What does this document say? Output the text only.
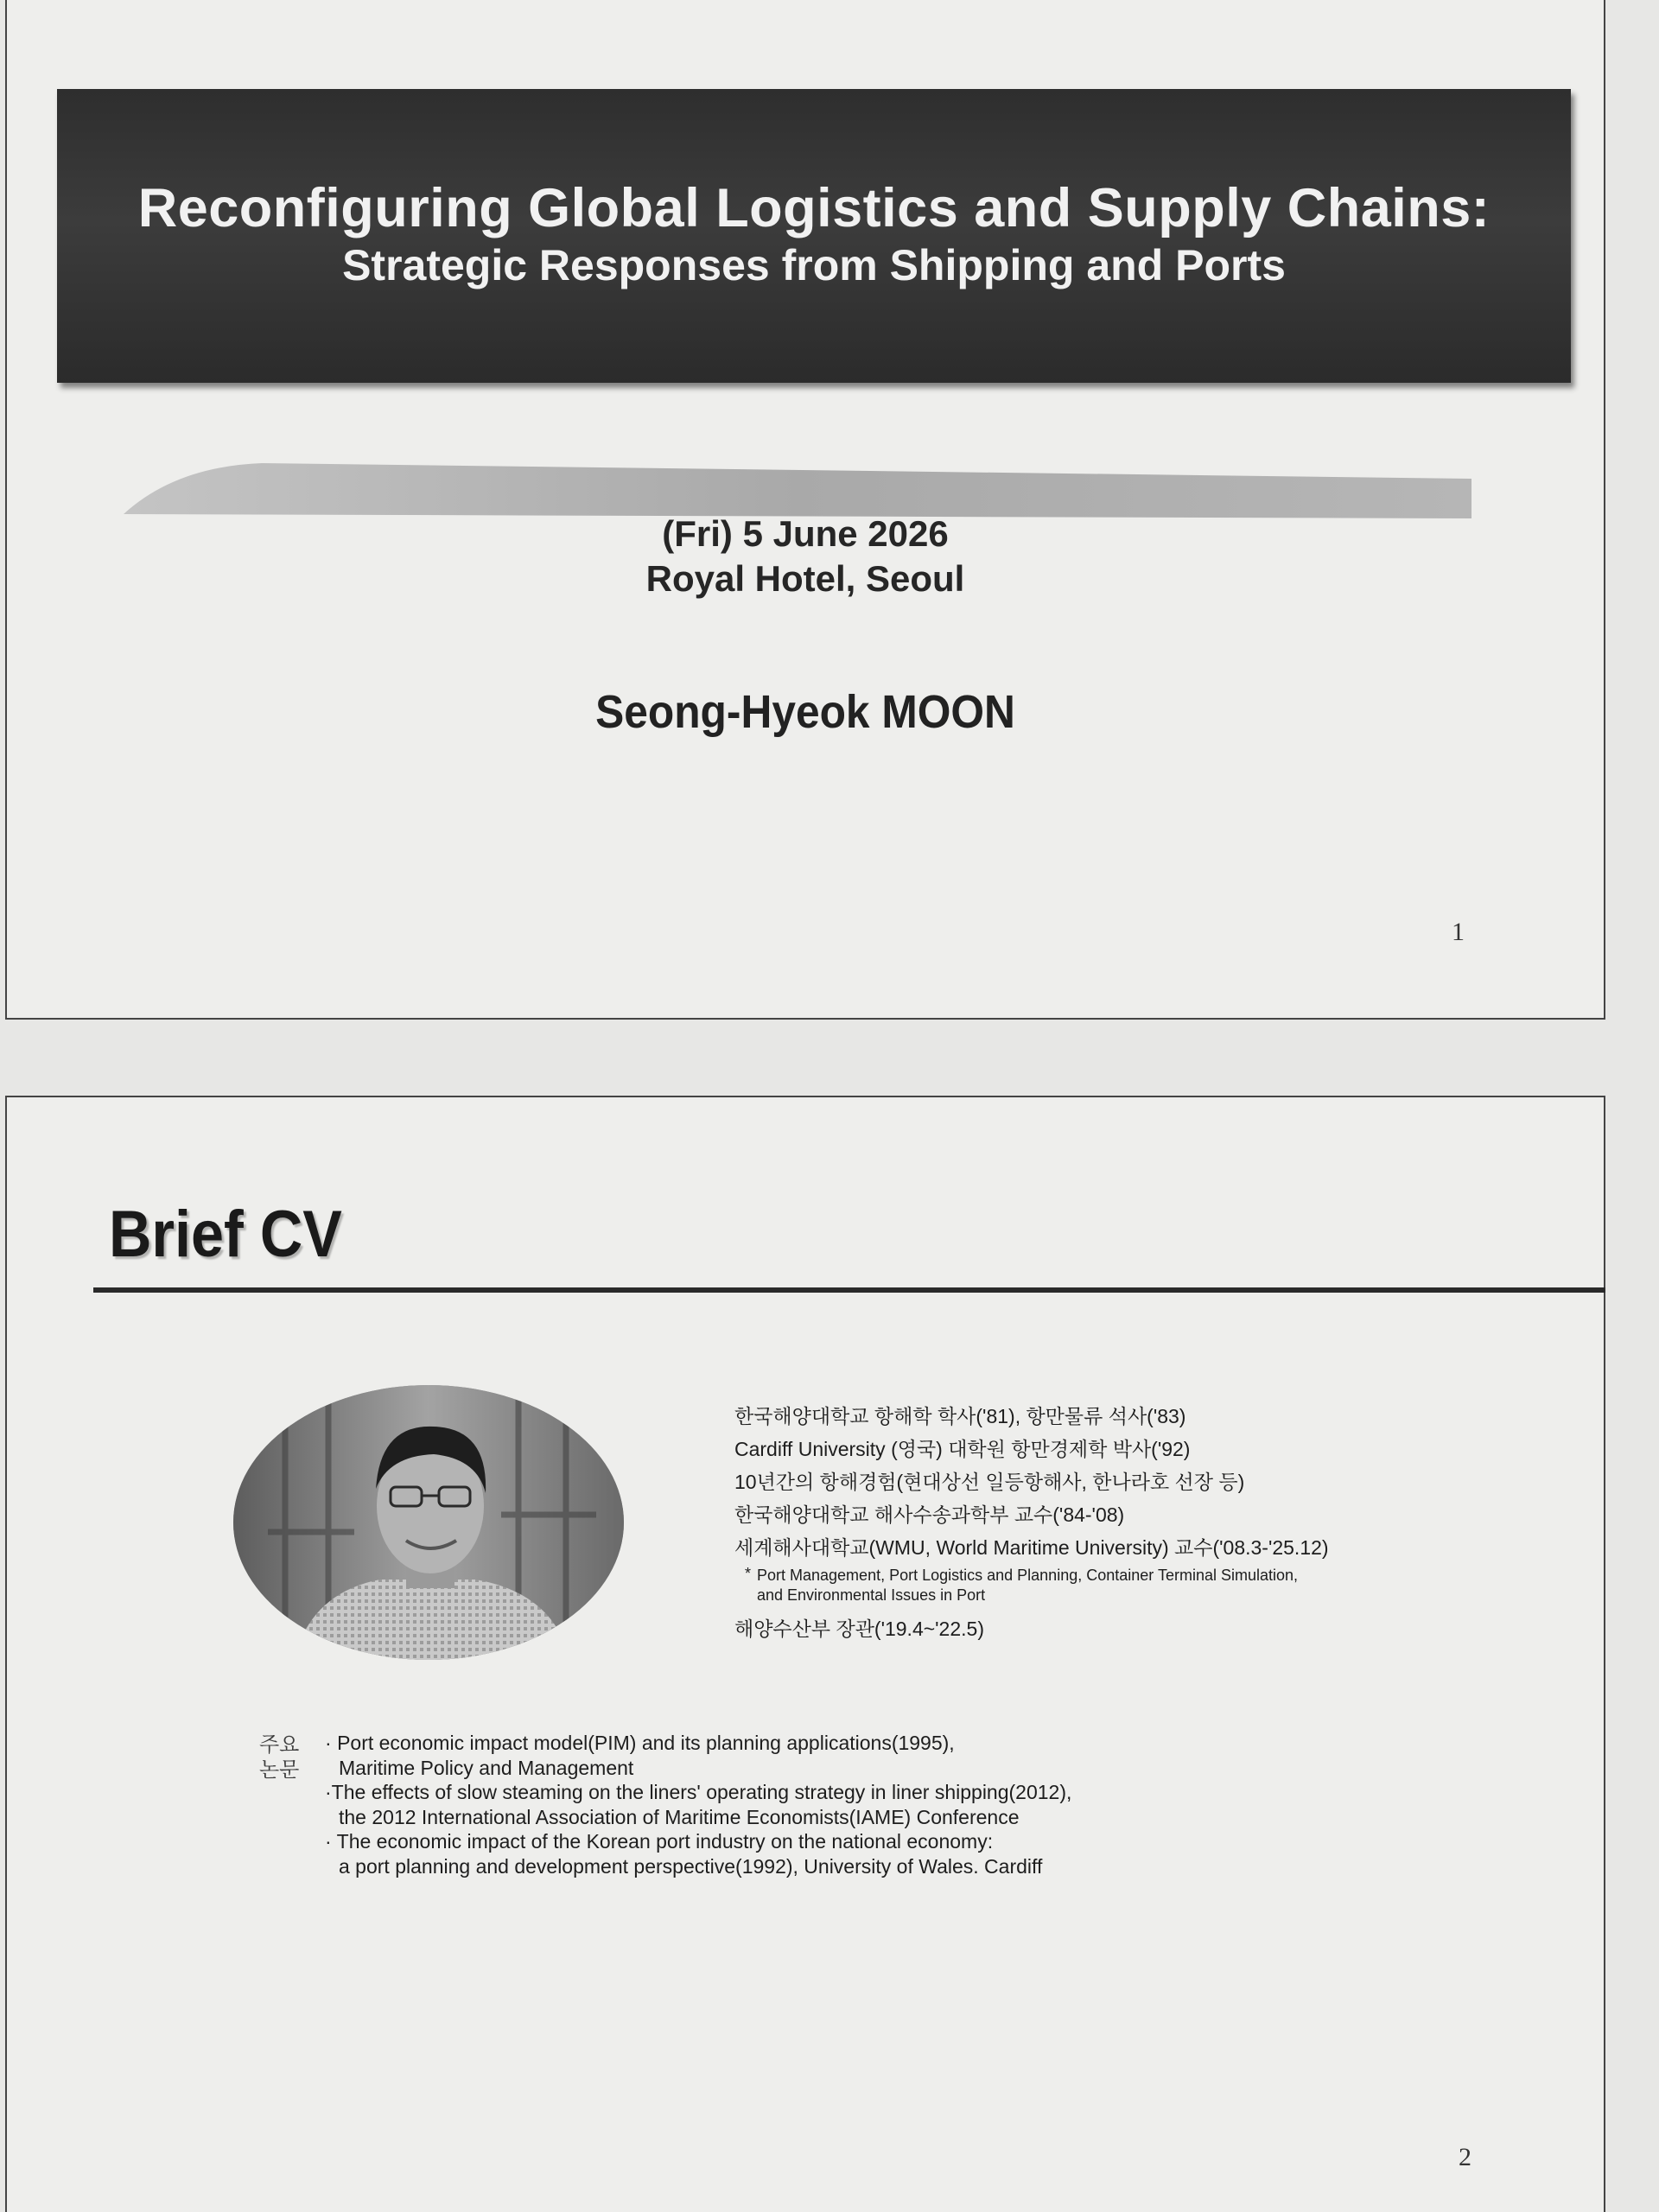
Reconfiguring Global Logistics and Supply Chains:
Strategic Responses from Shipping and Ports
(Fri) 5 June 2026
Royal Hotel, Seoul
Seong-Hyeok MOON
1
Brief CV
한국해양대학교 항해학 학사('81), 항만물류 석사('83)
Cardiff University (영국) 대학원 항만경제학 박사('92)
10년간의 항해경험(현대상선 일등항해사, 한나라호 선장 등)
한국해양대학교 해사수송과학부 교수('84-'08)
세계해사대학교(WMU, World Maritime University) 교수('08.3-'25.12)
* Port Management, Port Logistics and Planning, Container Terminal Simulation,
and Environmental Issues in Port
해양수산부 장관('19.4~'22.5)
주요
논문
· Port economic impact model(PIM) and its planning applications(1995),
Maritime Policy and Management
·The effects of slow steaming on the liners' operating strategy in liner shipping(2012),
the 2012 International Association of Maritime Economists(IAME) Conference
· The economic impact of the Korean port industry on the national economy:
a port planning and development perspective(1992), University of Wales. Cardiff
2
